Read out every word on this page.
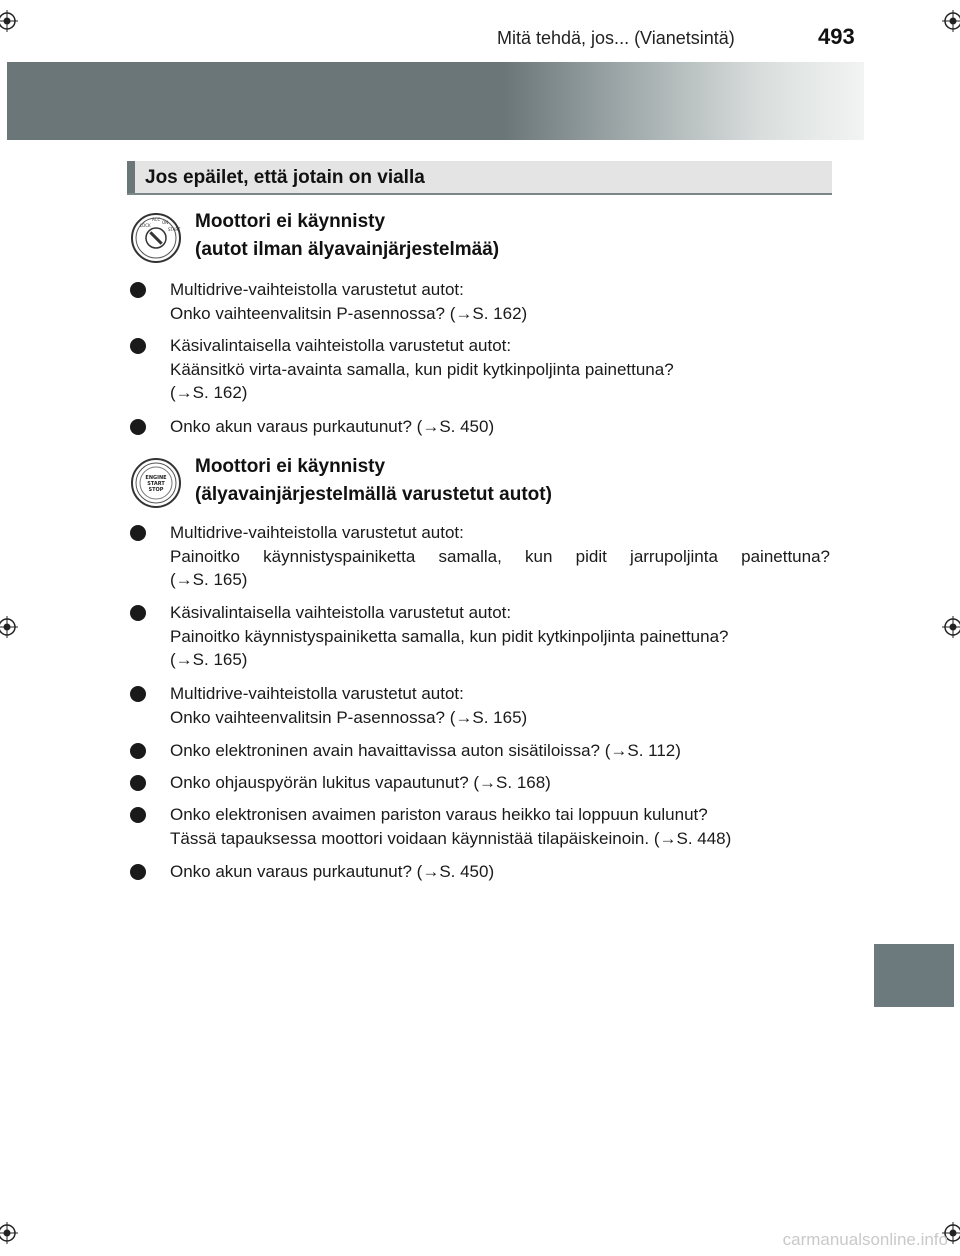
Mitä tehdä, jos... (Vianetsintä)	493
Jos epäilet, että jotain on vialla
LOCK
ACC
ON
START Moottori ei käynnisty
(autot ilman älyavainjärjestelmää)
Multidrive-vaihteistolla varustetut autot:
Onko vaihteenvalitsin P-asennossa? (→S. 162)
Käsivalintaisella vaihteistolla varustetut autot:
Käänsitkö virta-avainta samalla, kun pidit kytkinpoljinta painettuna?
(→S. 162)
Onko akun varaus purkautunut? (→S. 450)
ENGINE
START
STOP
Moottori ei käynnisty
(älyavainjärjestelmällä varustetut autot)
Multidrive-vaihteistolla varustetut autot:
Painoitko käynnistyspainiketta samalla, kun pidit jarrupoljinta painettuna?
(→S. 165)
Käsivalintaisella vaihteistolla varustetut autot:
Painoitko käynnistyspainiketta samalla, kun pidit kytkinpoljinta painettuna?
(→S. 165)
Multidrive-vaihteistolla varustetut autot:
Onko vaihteenvalitsin P-asennossa? (→S. 165)
Onko elektroninen avain havaittavissa auton sisätiloissa? (→S. 112)
Onko ohjauspyörän lukitus vapautunut? (→S. 168)
Onko elektronisen avaimen pariston varaus heikko tai loppuun kulunut?
Tässä tapauksessa moottori voidaan käynnistää tilapäiskeinoin. (→S. 448)
Onko akun varaus purkautunut? (→S. 450)
carmanualsonline.info
